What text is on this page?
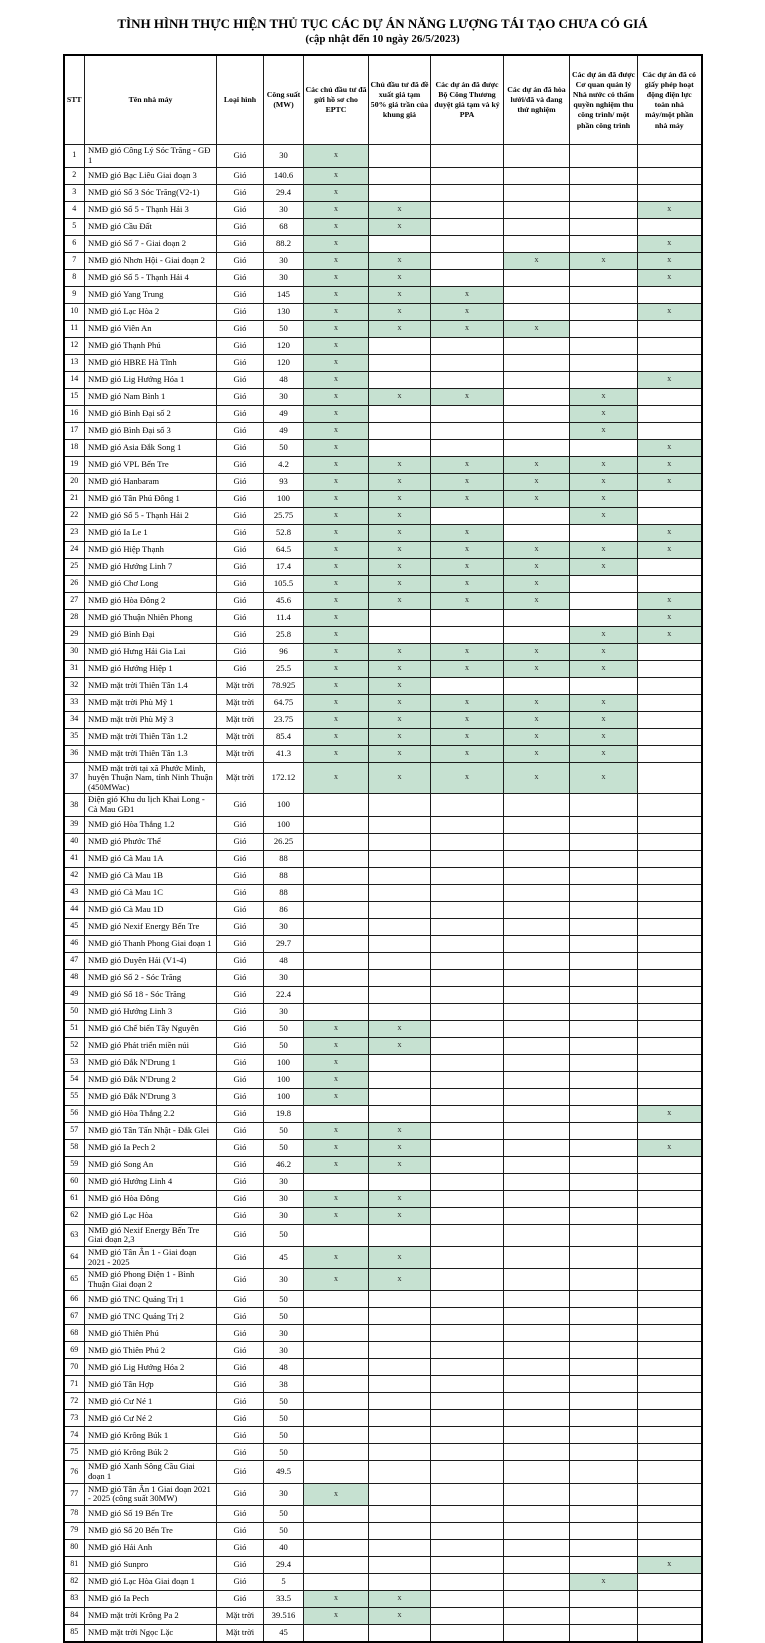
TÌNH HÌNH THỰC HIỆN THỦ TỤC CÁC DỰ ÁN NĂNG LƯỢNG TÁI TẠO CHƯA CÓ GIÁ
(cập nhật đến 10 ngày 26/5/2023)
STT	Tên nhà máy	Loại hình	Công suất (MW)	Các chủ đầu tư đã gửi hồ sơ cho EPTC	Chủ đầu tư đã đề xuất giá tạm 50% giá trần của khung giá	Các dự án đã được Bộ Công Thương duyệt giá tạm và ký PPA	Các dự án đã hòa lưới/đã và đang thử nghiệm	Các dự án đã được Cơ quan quản lý Nhà nước có thẩm quyền nghiệm thu công trình/ một phần công trình	Các dự án đã có giấy phép hoạt động điện lực toàn nhà máy/một phần nhà máy
1	NMĐ gió Công Lý Sóc Trăng - GĐ 1	Gió	30	x					
2	NMĐ gió Bạc Liêu Giai đoạn 3	Gió	140.6	x					
3	NMĐ gió Số 3 Sóc Trăng(V2-1)	Gió	29.4	x					
4	NMĐ gió Số 5 - Thạnh Hải 3	Gió	30	x	x				x
5	NMĐ gió Cầu Đất	Gió	68	x	x				
6	NMĐ gió Số 7 - Giai đoạn 2	Gió	88.2	x					x
7	NMĐ gió Nhơn Hội - Giai đoạn 2	Gió	30	x	x		x	x	x
8	NMĐ gió Số 5 - Thạnh Hải 4	Gió	30	x	x				x
9	NMĐ gió Yang Trung	Gió	145	x	x	x			
10	NMĐ gió Lạc Hòa 2	Gió	130	x	x	x			x
11	NMĐ gió Viên An	Gió	50	x	x	x	x		
12	NMĐ gió Thạnh Phú	Gió	120	x					
13	NMĐ gió HBRE Hà Tĩnh	Gió	120	x					
14	NMĐ gió Lig Hướng Hóa 1	Gió	48	x					x
15	NMĐ gió Nam Bình 1	Gió	30	x	x	x		x	
16	NMĐ gió Bình Đại số 2	Gió	49	x				x	
17	NMĐ gió Bình Đại số 3	Gió	49	x				x	
18	NMĐ gió Asia Đắk Song 1	Gió	50	x					x
19	NMĐ gió VPL Bến Tre	Gió	4.2	x	x	x	x	x	x
20	NMĐ gió Hanbaram	Gió	93	x	x	x	x	x	x
21	NMĐ gió Tân Phú Đông 1	Gió	100	x	x	x	x	x	
22	NMĐ gió Số 5 - Thạnh Hải 2	Gió	25.75	x	x			x	
23	NMĐ gió Ia Le 1	Gió	52.8	x	x	x			x
24	NMĐ gió Hiệp Thạnh	Gió	64.5	x	x	x	x	x	x
25	NMĐ gió Hướng Linh 7	Gió	17.4	x	x	x	x	x	
26	NMĐ gió Chơ Long	Gió	105.5	x	x	x	x		
27	NMĐ gió Hòa Đông 2	Gió	45.6	x	x	x	x		x
28	NMĐ gió Thuận Nhiên Phong	Gió	11.4	x					x
29	NMĐ gió Bình Đại	Gió	25.8	x				x	x
30	NMĐ gió Hưng Hải Gia Lai	Gió	96	x	x	x	x	x	
31	NMĐ gió Hướng Hiệp 1	Gió	25.5	x	x	x	x	x	
32	NMĐ mặt trời Thiên Tân 1.4	Mặt trời	78.925	x	x				
33	NMĐ mặt trời Phù Mỹ 1	Mặt trời	64.75	x	x	x	x	x	
34	NMĐ mặt trời Phù Mỹ 3	Mặt trời	23.75	x	x	x	x	x	
35	NMĐ mặt trời Thiên Tân 1.2	Mặt trời	85.4	x	x	x	x	x	
36	NMĐ mặt trời Thiên Tân 1.3	Mặt trời	41.3	x	x	x	x	x	
37	NMĐ mặt trời tại xã Phước Minh, huyện Thuận Nam, tỉnh Ninh Thuận (450MWac)	Mặt trời	172.12	x	x	x	x	x	
38	Điện gió Khu du lịch Khai Long - Cà Mau GĐ1	Gió	100						
39	NMĐ gió Hòa Thắng 1.2	Gió	100						
40	NMĐ gió Phước Thể	Gió	26.25						
41	NMĐ gió Cà Mau 1A	Gió	88						
42	NMĐ gió Cà Mau 1B	Gió	88						
43	NMĐ gió Cà Mau 1C	Gió	88						
44	NMĐ gió Cà Mau 1D	Gió	86						
45	NMĐ gió Nexif Energy Bến Tre	Gió	30						
46	NMĐ gió Thanh Phong Giai đoạn 1	Gió	29.7						
47	NMĐ gió Duyên Hải (V1-4)	Gió	48						
48	NMĐ gió Số 2 - Sóc Trăng	Gió	30						
49	NMĐ gió Số 18 - Sóc Trăng	Gió	22.4						
50	NMĐ gió Hướng Linh 3	Gió	30						
51	NMĐ gió Chế biến Tây Nguyên	Gió	50	x	x				
52	NMĐ gió Phát triển miền núi	Gió	50	x	x				
53	NMĐ gió Đắk N'Drung 1	Gió	100	x					
54	NMĐ gió Đắk N'Drung 2	Gió	100	x					
55	NMĐ gió Đắk N'Drung 3	Gió	100	x					
56	NMĐ gió Hòa Thắng 2.2	Gió	19.8						x
57	NMĐ gió Tân Tấn Nhật - Đắk Glei	Gió	50	x	x				
58	NMĐ gió Ia Pech 2	Gió	50	x	x				x
59	NMĐ gió Song An	Gió	46.2	x	x				
60	NMĐ gió Hướng Linh 4	Gió	30						
61	NMĐ gió Hòa Đông	Gió	30	x	x				
62	NMĐ gió Lạc Hòa	Gió	30	x	x				
63	NMĐ gió Nexif Energy Bến Tre Giai đoạn 2,3	Gió	50						
64	NMĐ gió Tân Ân 1 - Giai đoạn 2021 - 2025	Gió	45	x	x				
65	NMĐ gió Phong Điện 1 - Bình Thuận Giai đoạn 2	Gió	30	x	x				
66	NMĐ gió TNC Quảng Trị 1	Gió	50						
67	NMĐ gió TNC Quảng Trị 2	Gió	50						
68	NMĐ gió Thiên Phú	Gió	30						
69	NMĐ gió Thiên Phú 2	Gió	30						
70	NMĐ gió Lig Hướng Hóa 2	Gió	48						
71	NMĐ gió Tân Hợp	Gió	38						
72	NMĐ gió Cư Né 1	Gió	50						
73	NMĐ gió Cư Né 2	Gió	50						
74	NMĐ gió Krông Búk 1	Gió	50						
75	NMĐ gió Krông Búk 2	Gió	50						
76	NMĐ gió Xanh Sông Cầu Giai đoạn 1	Gió	49.5						
77	NMĐ gió Tân Ân 1 Giai đoạn 2021 - 2025 (công suất 30MW)	Gió	30	x					
78	NMĐ gió Số 19 Bến Tre	Gió	50						
79	NMĐ gió Số 20 Bến Tre	Gió	50						
80	NMĐ gió Hải Anh	Gió	40						
81	NMĐ gió Sunpro	Gió	29.4						x
82	NMĐ gió Lạc Hòa Giai đoạn 1	Gió	5					x	
83	NMĐ gió Ia Pech	Gió	33.5	x	x				
84	NMĐ mặt trời Krông Pa 2	Mặt trời	39.516	x	x				
85	NMĐ mặt trời Ngọc Lặc	Mặt trời	45						
